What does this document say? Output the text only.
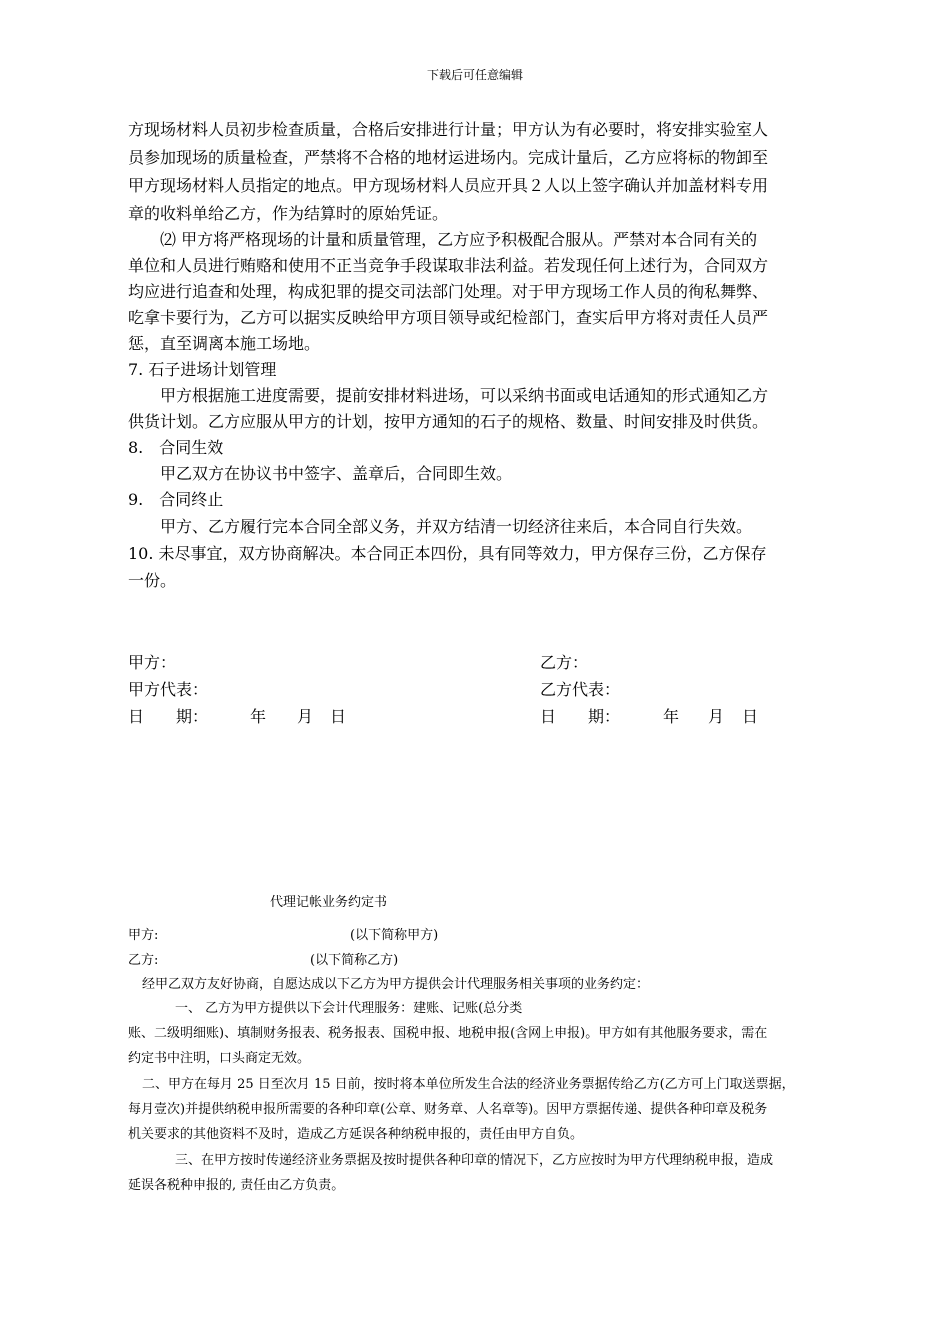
下载后可任意编辑
方现场材料人员初步检查质量，合格后安排进行计量；甲方认为有必要时，将安排实验室人
员参加现场的质量检查，严禁将不合格的地材运进场内。完成计量后，乙方应将标的物卸至
甲方现场材料人员指定的地点。甲方现场材料人员应开具２人以上签字确认并加盖材料专用
章的收料单给乙方，作为结算时的原始凭证。
⑵ 甲方将严格现场的计量和质量管理，乙方应予积极配合服从。严禁对本合同有关的
单位和人员进行贿赂和使用不正当竞争手段谋取非法利益。若发现任何上述行为，合同双方
均应进行追查和处理，构成犯罪的提交司法部门处理。对于甲方现场工作人员的徇私舞弊、
吃拿卡要行为，乙方可以据实反映给甲方项目领导或纪检部门，查实后甲方将对责任人员严
惩，直至调离本施工场地。
7. 石子进场计划管理
甲方根据施工进度需要，提前安排材料进场，可以采纳书面或电话通知的形式通知乙方
供货计划。乙方应服从甲方的计划，按甲方通知的石子的规格、数量、时间安排及时供货。
8.　合同生效
甲乙双方在协议书中签字、盖章后，合同即生效。
9.　合同终止
甲方、乙方履行完本合同全部义务，并双方结清一切经济往来后，本合同自行失效。
10. 未尽事宜，双方协商解决。本合同正本四份，具有同等效力，甲方保存三份，乙方保存
一份。
甲方：
甲方代表：
日　　期：	年 月 日
乙方：
乙方代表：
日　　期：	年 月 日
代理记帐业务约定书
甲方:	(以下简称甲方)
乙方:	(以下简称乙方)
经甲乙双方友好协商，自愿达成以下乙方为甲方提供会计代理服务相关事项的业务约定：
一、 乙方为甲方提供以下会计代理服务：建账、记账(总分类
账、二级明细账)、填制财务报表、税务报表、国税申报、地税申报(含网上申报)。甲方如有其他服务要求，需在
约定书中注明，口头商定无效。
二、甲方在每月 25 日至次月 15 日前，按时将本单位所发生合法的经济业务票据传给乙方(乙方可上门取送票据，
每月壹次)并提供纳税申报所需要的各种印章(公章、财务章、人名章等)。因甲方票据传递、提供各种印章及税务
机关要求的其他资料不及时，造成乙方延误各种纳税申报的，责任由甲方自负。
三、在甲方按时传递经济业务票据及按时提供各种印章的情况下，乙方应按时为甲方代理纳税申报，造成
延误各税种申报的, 责任由乙方负责。
